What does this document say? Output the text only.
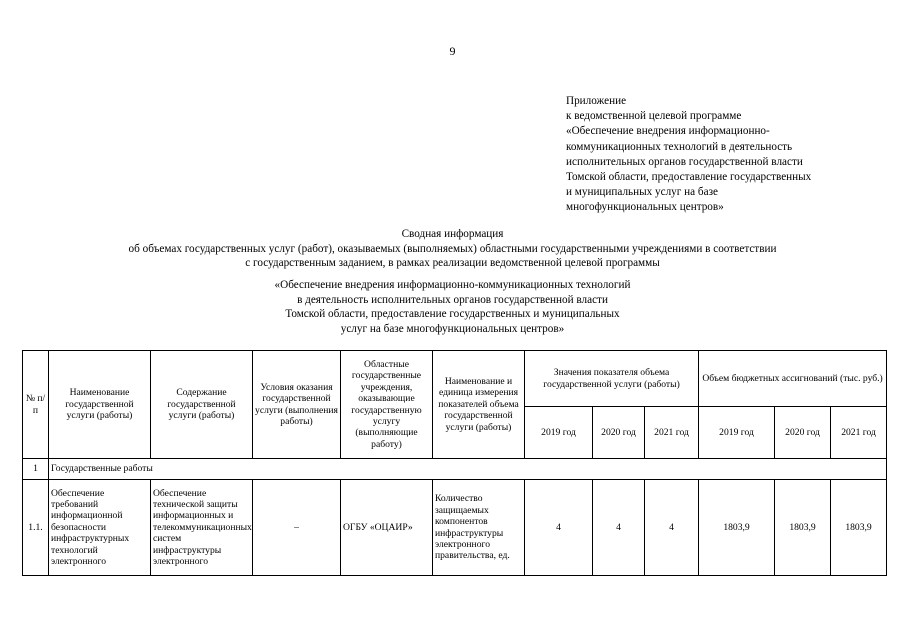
9
Приложение
к ведомственной целевой программе
«Обеспечение внедрения информационно-
коммуникационных технологий в деятельность
исполнительных органов государственной власти
Томской области, предоставление государственных
и муниципальных услуг на базе
многофункциональных центров»
Сводная информация
об объемах государственных услуг (работ), оказываемых (выполняемых) областными государственными учреждениями в соответствии
с государственным заданием, в рамках реализации ведомственной целевой программы
«Обеспечение внедрения информационно-коммуникационных технологий
в деятельность исполнительных органов государственной власти
Томской области, предоставление государственных и муниципальных
услуг на базе многофункциональных центров»
№ п/п	Наименование государственной услуги (работы)	Содержание государственной услуги (работы)	Условия оказания государственной услуги (выполнения работы)	Областные государственные учреждения, оказывающие государственную услугу (выполняющие работу)	Наименование и единица измерения показателей объема государственной услуги (работы)	Значения показателя объема государственной услуги (работы)			Объем бюджетных ассигнований (тыс. руб.)		
						2019 год	2020 год	2021 год	2019 год	2020 год	2021 год
1	Государственные работы										
1.1.	Обеспечение требований информационной безопасности инфраструктурных технологий электронного	Обеспечение технической защиты информационных и телекоммуникационных систем инфраструктуры электронного	–	ОГБУ «ОЦАИР»	Количество защищаемых компонентов инфраструктуры электронного правительства, ед.	4	4	4	1803,9	1803,9	1803,9
